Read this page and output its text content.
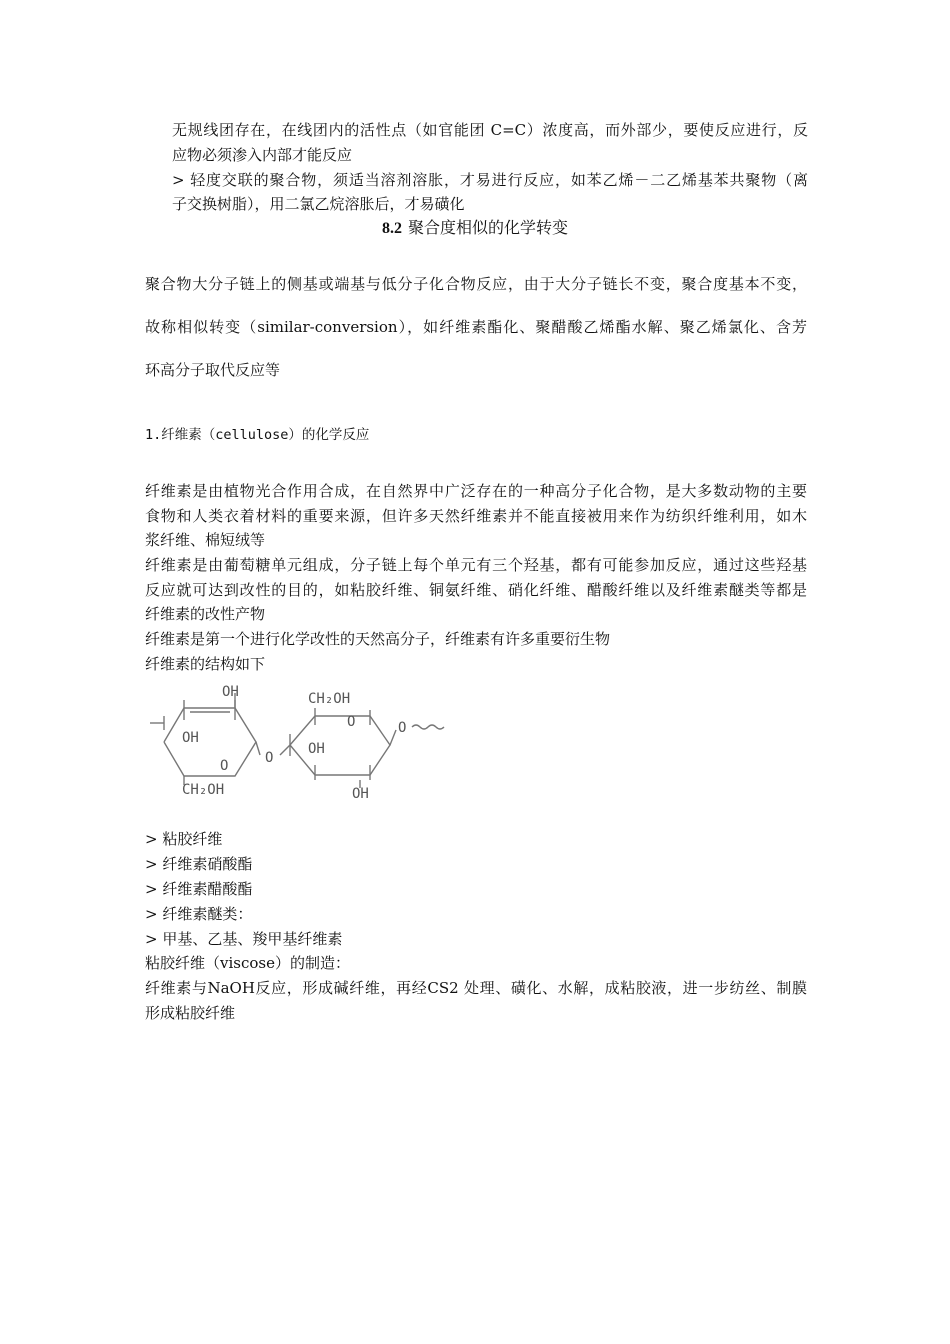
无规线团存在，在线团内的活性点（如官能团 C=C）浓度高，而外部少，要使反应进行，反
应物必须渗入内部才能反应
> 轻度交联的聚合物，须适当溶剂溶胀，才易进行反应，如苯乙烯－二乙烯基苯共聚物（离
子交换树脂），用二氯乙烷溶胀后，才易磺化
8.2 聚合度相似的化学转变
聚合物大分子链上的侧基或端基与低分子化合物反应，由于大分子链长不变，聚合度基本不变，
故称相似转变（similar-conversion），如纤维素酯化、聚醋酸乙烯酯水解、聚乙烯氯化、含芳
环高分子取代反应等
1.纤维素（cellulose）的化学反应
纤维素是由植物光合作用合成，在自然界中广泛存在的一种高分子化合物，是大多数动物的主要
食物和人类衣着材料的重要来源，但许多天然纤维素并不能直接被用来作为纺织纤维利用，如木
浆纤维、棉短绒等
纤维素是由葡萄糖单元组成，分子链上每个单元有三个羟基，都有可能参加反应，通过这些羟基
反应就可达到改性的目的，如粘胶纤维、铜氨纤维、硝化纤维、醋酸纤维以及纤维素醚类等都是
纤维素的改性产物
纤维素是第一个进行化学改性的天然高分子，纤维素有许多重要衍生物
纤维素的结构如下
OH
OH
O
CH₂OH
O
CH₂OH
O
OH
OH
O
> 粘胶纤维
> 纤维素硝酸酯
> 纤维素醋酸酯
> 纤维素醚类：
> 甲基、乙基、羧甲基纤维素
粘胶纤维（viscose）的制造：
纤维素与NaOH反应，形成碱纤维，再经CS2 处理、磺化、水解，成粘胶液，进一步纺丝、制膜
形成粘胶纤维
